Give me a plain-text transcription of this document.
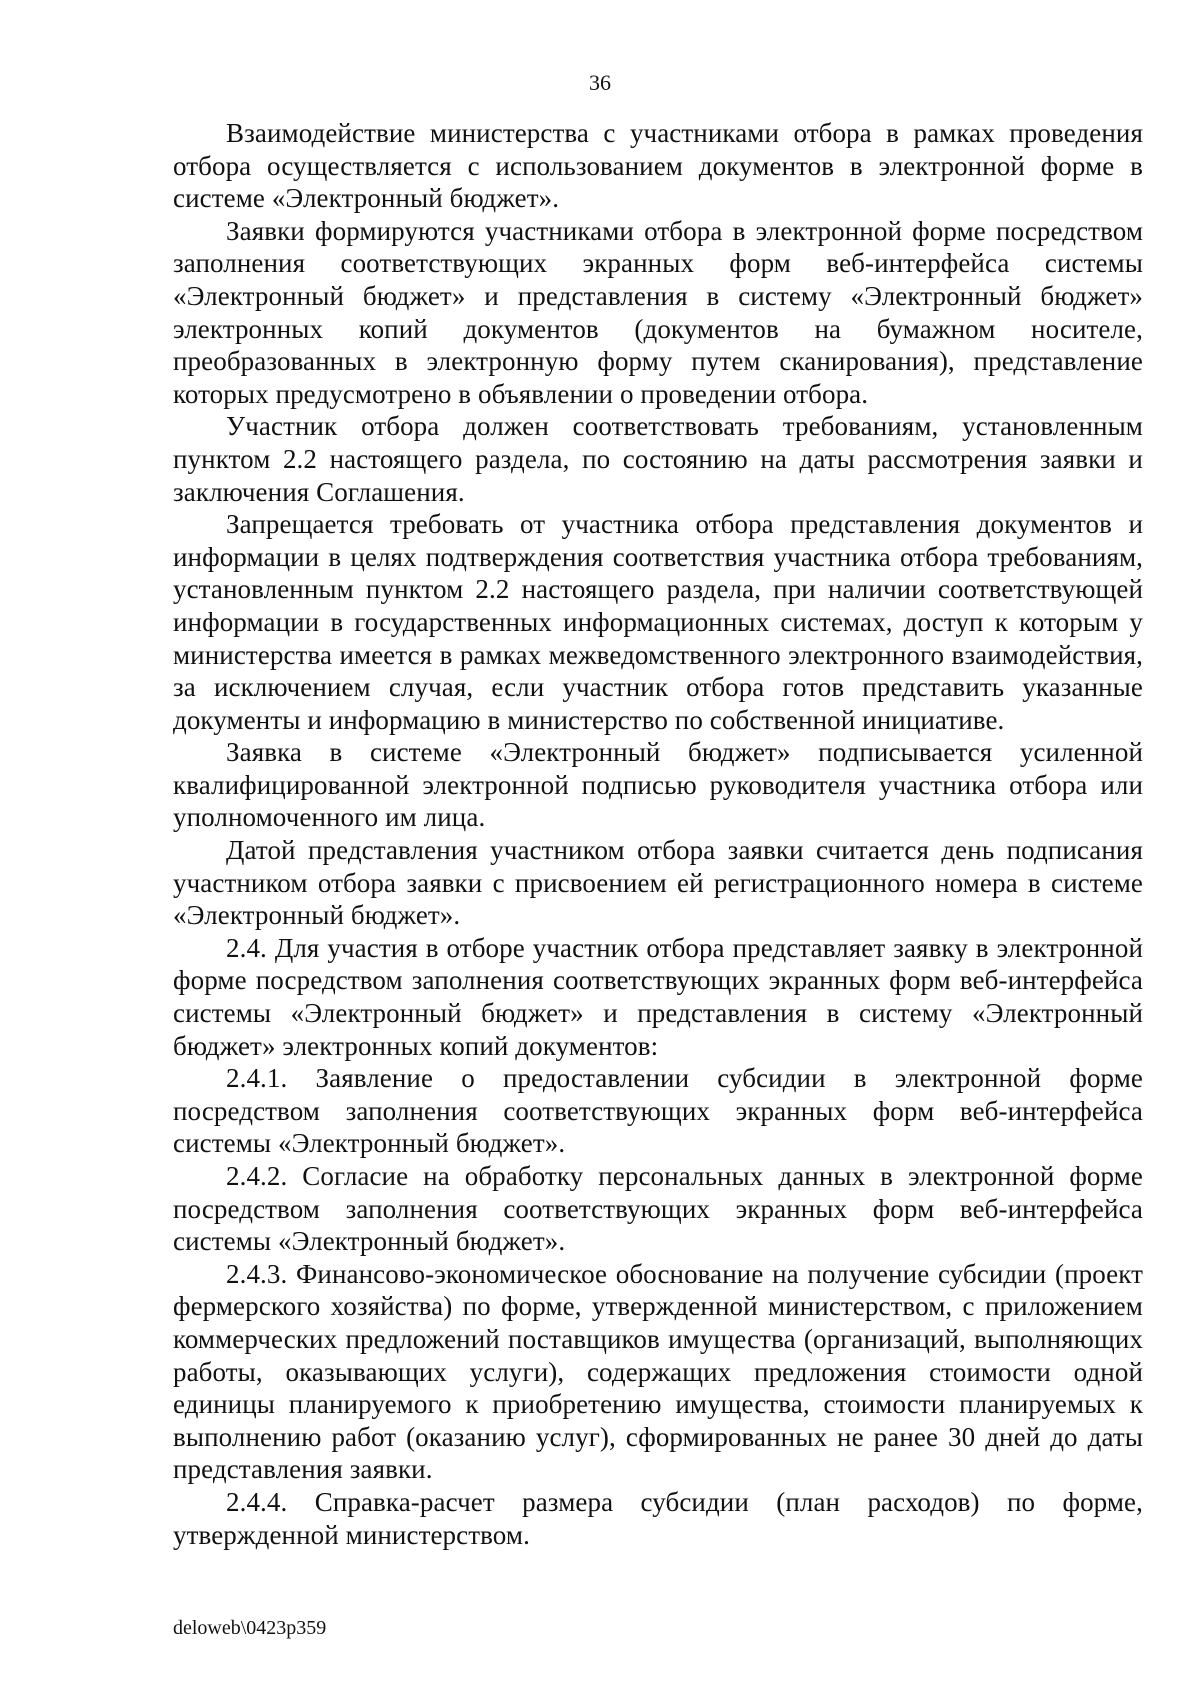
36

Взаимодействие министерства с участниками отбора в рамках проведения отбора осуществляется с использованием документов в электронной форме в системе «Электронный бюджет».

Заявки формируются участниками отбора в электронной форме посредством заполнения соответствующих экранных форм веб-интерфейса системы «Электронный бюджет» и представления в систему «Электронный бюджет» электронных копий документов (документов на бумажном носителе, преобразованных в электронную форму путем сканирования), представление которых предусмотрено в объявлении о проведении отбора.

Участник отбора должен соответствовать требованиям, установленным пунктом 2.2 настоящего раздела, по состоянию на даты рассмотрения заявки и заключения Соглашения.

Запрещается требовать от участника отбора представления документов и информации в целях подтверждения соответствия участника отбора требованиям, установленным пунктом 2.2 настоящего раздела, при наличии соответствующей информации в государственных информационных системах, доступ к которым у министерства имеется в рамках межведомственного электронного взаимодействия, за исключением случая, если участник отбора готов представить указанные документы и информацию в министерство по собственной инициативе.

Заявка в системе «Электронный бюджет» подписывается усиленной квалифицированной электронной подписью руководителя участника отбора или уполномоченного им лица.

Датой представления участником отбора заявки считается день подписания участником отбора заявки с присвоением ей регистрационного номера в системе «Электронный бюджет».

2.4. Для участия в отборе участник отбора представляет заявку в электронной форме посредством заполнения соответствующих экранных форм веб-интерфейса системы «Электронный бюджет» и представления в систему «Электронный бюджет» электронных копий документов:

2.4.1. Заявление о предоставлении субсидии в электронной форме посредством заполнения соответствующих экранных форм веб-интерфейса системы «Электронный бюджет».

2.4.2. Согласие на обработку персональных данных в электронной форме посредством заполнения соответствующих экранных форм веб-интерфейса системы «Электронный бюджет».

2.4.3. Финансово-экономическое обоснование на получение субсидии (проект фермерского хозяйства) по форме, утвержденной министерством, с приложением коммерческих предложений поставщиков имущества (организаций, выполняющих работы, оказывающих услуги), содержащих предложения стоимости одной единицы планируемого к приобретению имущества, стоимости планируемых к выполнению работ (оказанию услуг), сформированных не ранее 30 дней до даты представления заявки.

2.4.4. Справка-расчет размера субсидии (план расходов) по форме, утвержденной министерством.

deloweb\0423p359
